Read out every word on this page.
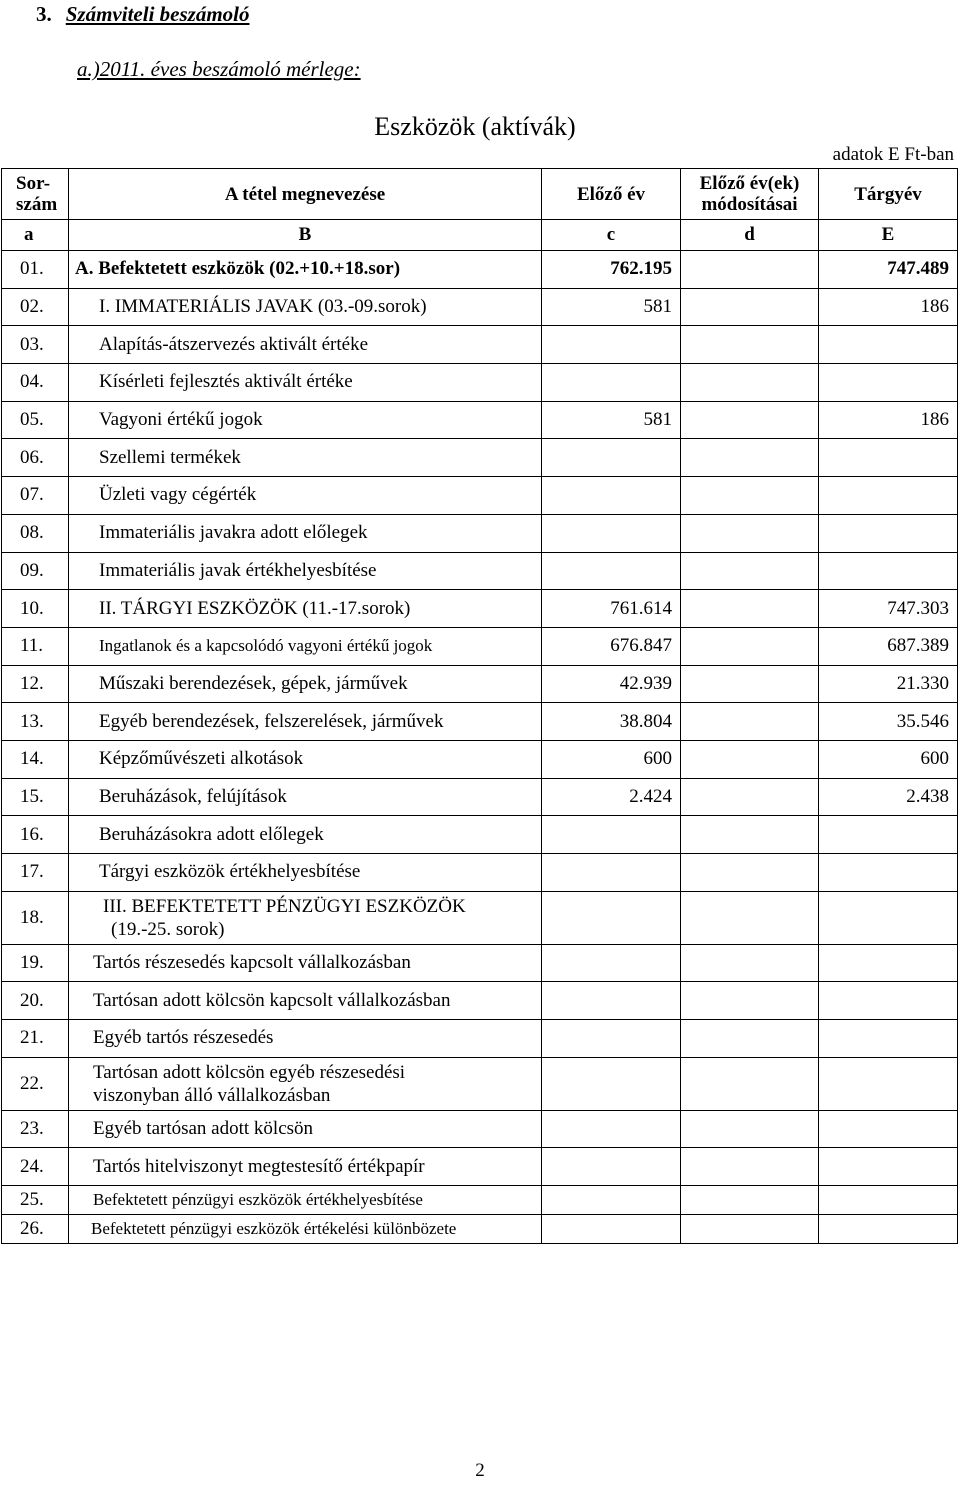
3. Számviteli beszámoló
a.)2011. éves beszámoló mérlege:
Eszközök (aktívák)
adatok E Ft-ban
Sor-
szám	A tétel megnevezése	Előző év	Előző év(ek)
módosításai	Tárgyév
a	B	c	d	E
01.	A. Befektetett eszközök (02.+10.+18.sor)	762.195		747.489
02.	I. IMMATERIÁLIS JAVAK (03.-09.sorok)	581		186
03.	Alapítás-átszervezés aktivált értéke			
04.	Kísérleti fejlesztés aktivált értéke			
05.	Vagyoni értékű jogok	581		186
06.	Szellemi termékek			
07.	Üzleti vagy cégérték			
08.	Immateriális javakra adott előlegek			
09.	Immateriális javak értékhelyesbítése			
10.	II. TÁRGYI ESZKÖZÖK (11.-17.sorok)	761.614		747.303
11.	Ingatlanok és a kapcsolódó vagyoni értékű jogok	676.847		687.389
12.	Műszaki berendezések, gépek, járművek	42.939		21.330
13.	Egyéb berendezések, felszerelések, járművek	38.804		35.546
14.	Képzőművészeti alkotások	600		600
15.	Beruházások, felújítások	2.424		2.438
16.	Beruházásokra adott előlegek			
17.	Tárgyi eszközök értékhelyesbítése			
18.	III. BEFEKTETETT PÉNZÜGYI ESZKÖZÖK
(19.-25. sorok)			

19.	Tartós részesedés kapcsolt vállalkozásban			
20.	Tartósan adott kölcsön kapcsolt vállalkozásban			
21.	Egyéb tartós részesedés			
22.	Tartósan adott kölcsön egyéb részesedési
viszonyban álló vállalkozásban			

23.	Egyéb tartósan adott kölcsön			
24.	Tartós hitelviszonyt megtestesítő értékpapír			
25.	Befektetett pénzügyi eszközök értékhelyesbítése			
26.	Befektetett pénzügyi eszközök értékelési különbözete			
2
